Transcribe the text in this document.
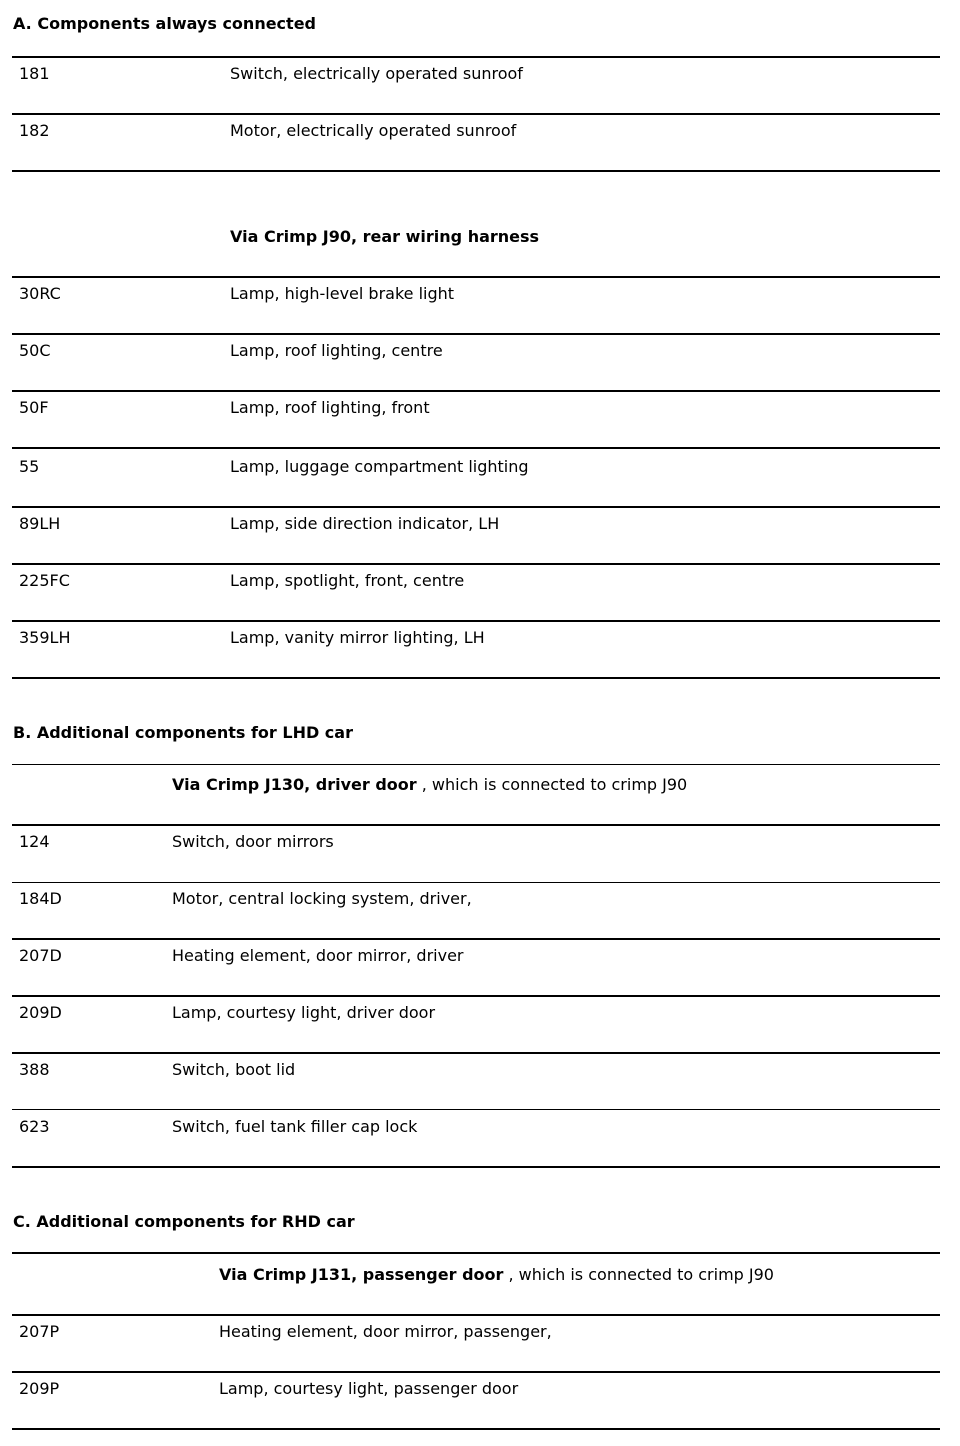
A. Components always connected
181	Switch, electrically operated sunroof
182	Motor, electrically operated sunroof
Via Crimp J90, rear wiring harness
30RC	Lamp, high-level brake light
50C	Lamp, roof lighting, centre
50F	Lamp, roof lighting, front
55	Lamp, luggage compartment lighting
89LH	Lamp, side direction indicator, LH
225FC	Lamp, spotlight, front, centre
359LH	Lamp, vanity mirror lighting, LH
B. Additional components for LHD car
Via Crimp J130, driver door , which is connected to crimp J90
124	Switch, door mirrors
184D	Motor, central locking system, driver,
207D	Heating element, door mirror, driver
209D	Lamp, courtesy light, driver door
388	Switch, boot lid
623	Switch, fuel tank filler cap lock
C. Additional components for RHD car
Via Crimp J131, passenger door , which is connected to crimp J90
207P	Heating element, door mirror, passenger,
209P	Lamp, courtesy light, passenger door
